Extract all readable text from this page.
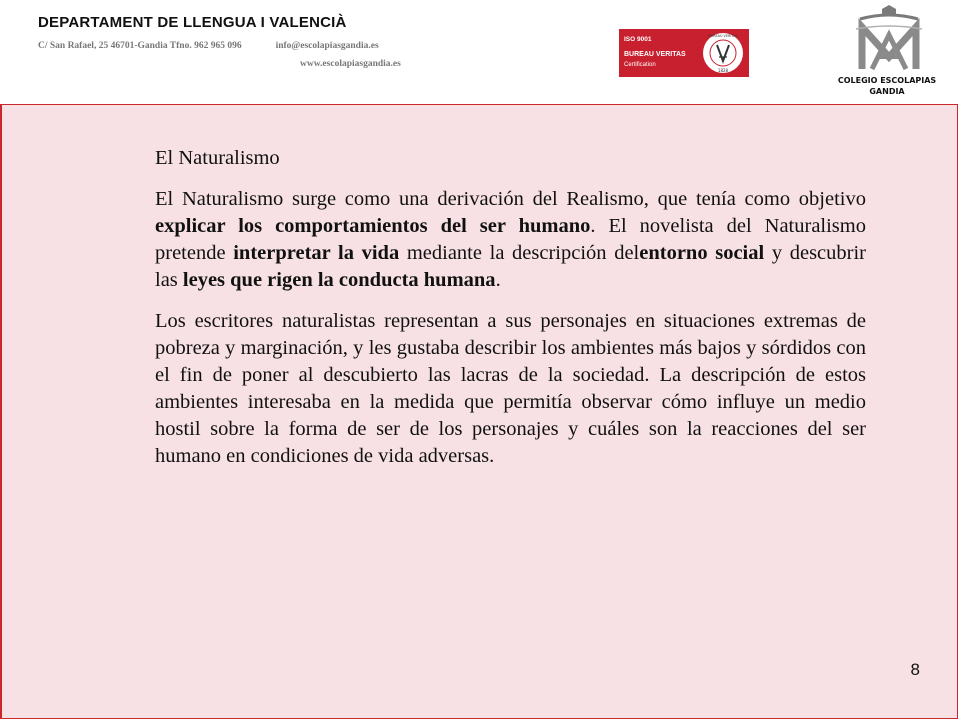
DEPARTAMENT DE LLENGUA I VALENCIÀ
C/ San Rafael, 25 46701-Gandia Tfno. 962 965 096	info@escolapiasgandia.es
www.escolapiasgandia.es
ISO 9001
BUREAU VERITAS
Certification
BUREAU VERITAS
1828
COLEGIO ESCOLAPIAS
GANDIA

El Naturalismo

El Naturalismo surge como una derivación del Realismo, que tenía como objetivo explicar los comportamientos del ser humano. El novelista del Naturalismo pretende interpretar la vida mediante la descripción delentorno social y descubrir las leyes que rigen la conducta humana.

Los escritores naturalistas representan a sus personajes en situaciones extremas de pobreza y marginación, y les gustaba describir los ambientes más bajos y sórdidos con el fin de poner al descubierto las lacras de la sociedad. La descripción de estos ambientes interesaba en la medida que permitía observar cómo influye un medio hostil sobre la forma de ser de los personajes y cuáles son la reacciones del ser humano en condiciones de vida adversas.

8
